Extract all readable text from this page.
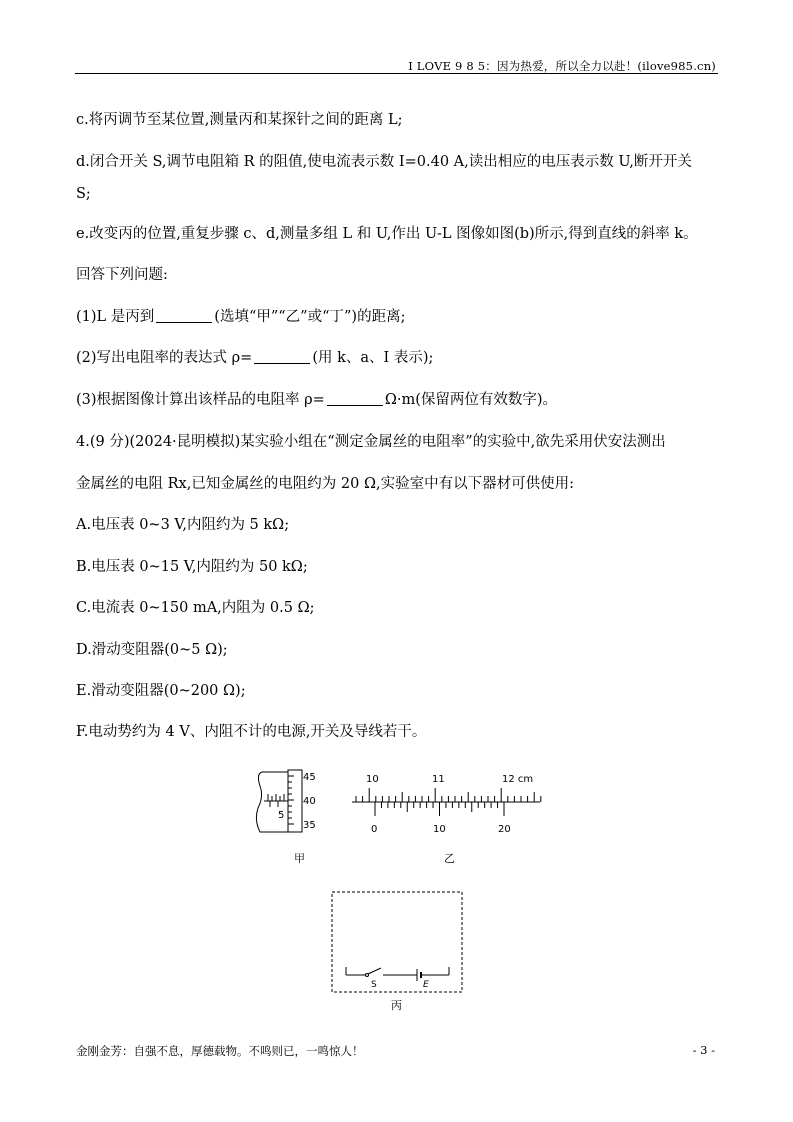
I LOVE 9 8 5：因为热爱，所以全力以赴！(ilove985.cn)
c.将丙调节至某位置,测量丙和某探针之间的距离 L;
d.闭合开关 S,调节电阻箱 R 的阻值,使电流表示数 I=0.40 A,读出相应的电压表示数 U,断开开关
S;
e.改变丙的位置,重复步骤 c、d,测量多组 L 和 U,作出 U-L 图像如图(b)所示,得到直线的斜率 k。
回答下列问题:
(1)L 是丙到	(选填“甲”“乙”或“丁”)的距离;
(2)写出电阻率的表达式 ρ=	(用 k、a、I 表示);
(3)根据图像计算出该样品的电阻率 ρ=	Ω·m(保留两位有效数字)。
4.(9 分)(2024·昆明模拟)某实验小组在“测定金属丝的电阻率”的实验中,欲先采用伏安法测出
金属丝的电阻 Rx,已知金属丝的电阻约为 20 Ω,实验室中有以下器材可供使用:
A.电压表 0~3 V,内阻约为 5 kΩ;
B.电压表 0~15 V,内阻约为 50 kΩ;
C.电流表 0~150 mA,内阻为 0.5 Ω;
D.滑动变阻器(0~5 Ω);
E.滑动变阻器(0~200 Ω);
F.电动势约为 4 V、内阻不计的电源,开关及导线若干。
45
40
35
5
甲
10	11	12 cm
0	10	20
乙
S	E
丙
金刚金芳：自强不息，厚德载物。不鸣则已，一鸣惊人！	- 3 -
